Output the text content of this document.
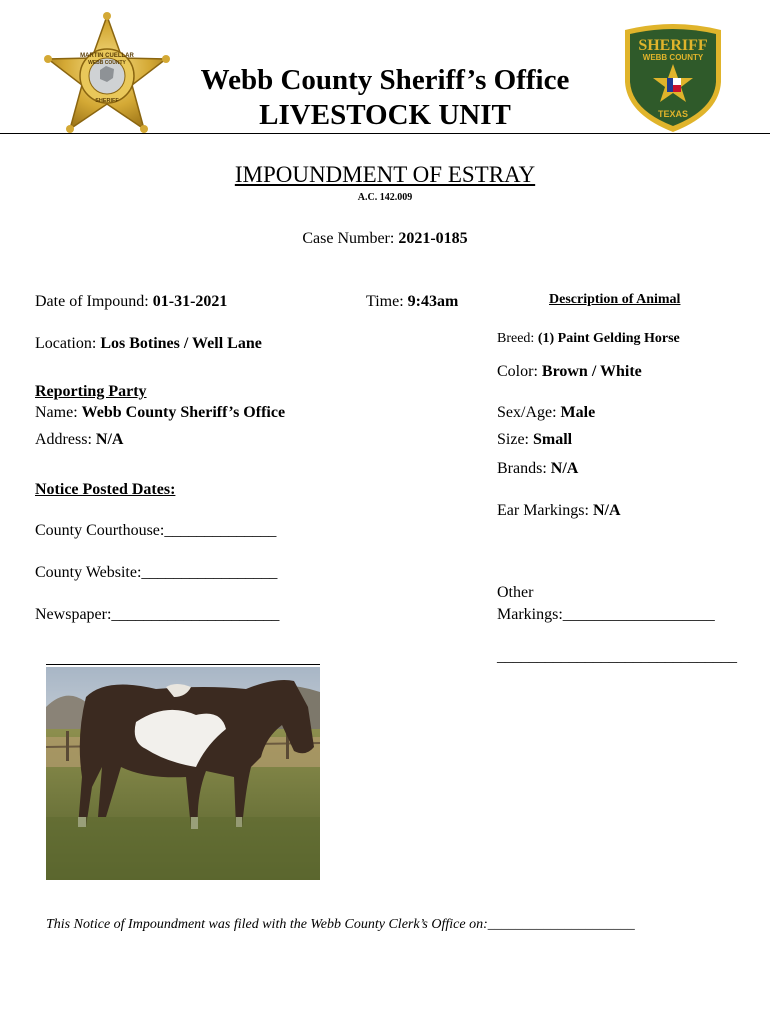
MARTIN CUELLAR
WEBB COUNTY
SHERIFF
SHERIFF
WEBB COUNTY
TEXAS
Webb County Sheriff’s Office
LIVESTOCK UNIT
IMPOUNDMENT OF ESTRAY
A.C. 142.009
Case Number: 2021-0185
Date of Impound: 01-31-2021	Time: 9:43am
Location: Los Botines / Well Lane
Reporting Party
Name: Webb County Sheriff’s Office
Address: N/A
Notice Posted Dates:
County Courthouse:______________
County Website:_________________
Newspaper:_____________________
Description of Animal
Breed: (1) Paint Gelding Horse
Color: Brown / White
Sex/Age: Male
Size: Small
Brands: N/A
Ear Markings: N/A
Other
Markings:___________________
______________________________
This Notice of Impoundment was filed with the Webb County Clerk’s Office on:_____________________
